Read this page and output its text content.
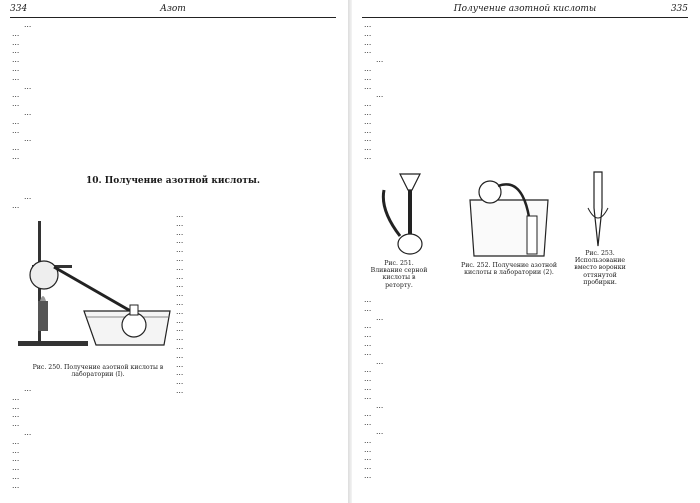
334	Азот

…

…

…

…

…

…

…

…

…

…

…

…

…

…

…

…

10. Получение азотной кислоты.

…

…

…

…

…

…

…

…

…

…

…

…

…

…

…

…

…

…

…

…

…

…

…

Рис. 250. Получение азотной кислоты в лаборатории (I).

…

…

…

…

…

…

…

…

…

…

…

…

Получение азотной кислоты	335

…

…

…

…

…

…

…

…

…

…

…

…

…

…

…

…

Рис. 251. Вливание серной кислоты в реторту.
Рис. 252. Получение азотной кислоты в лаборатории (2).
Рис. 253. Использование вместо воронки оттянутой пробирки.

…

…

…

…

…

…

…

…

…

…

…

…

…

…

…

…

…

…

…

…

…
